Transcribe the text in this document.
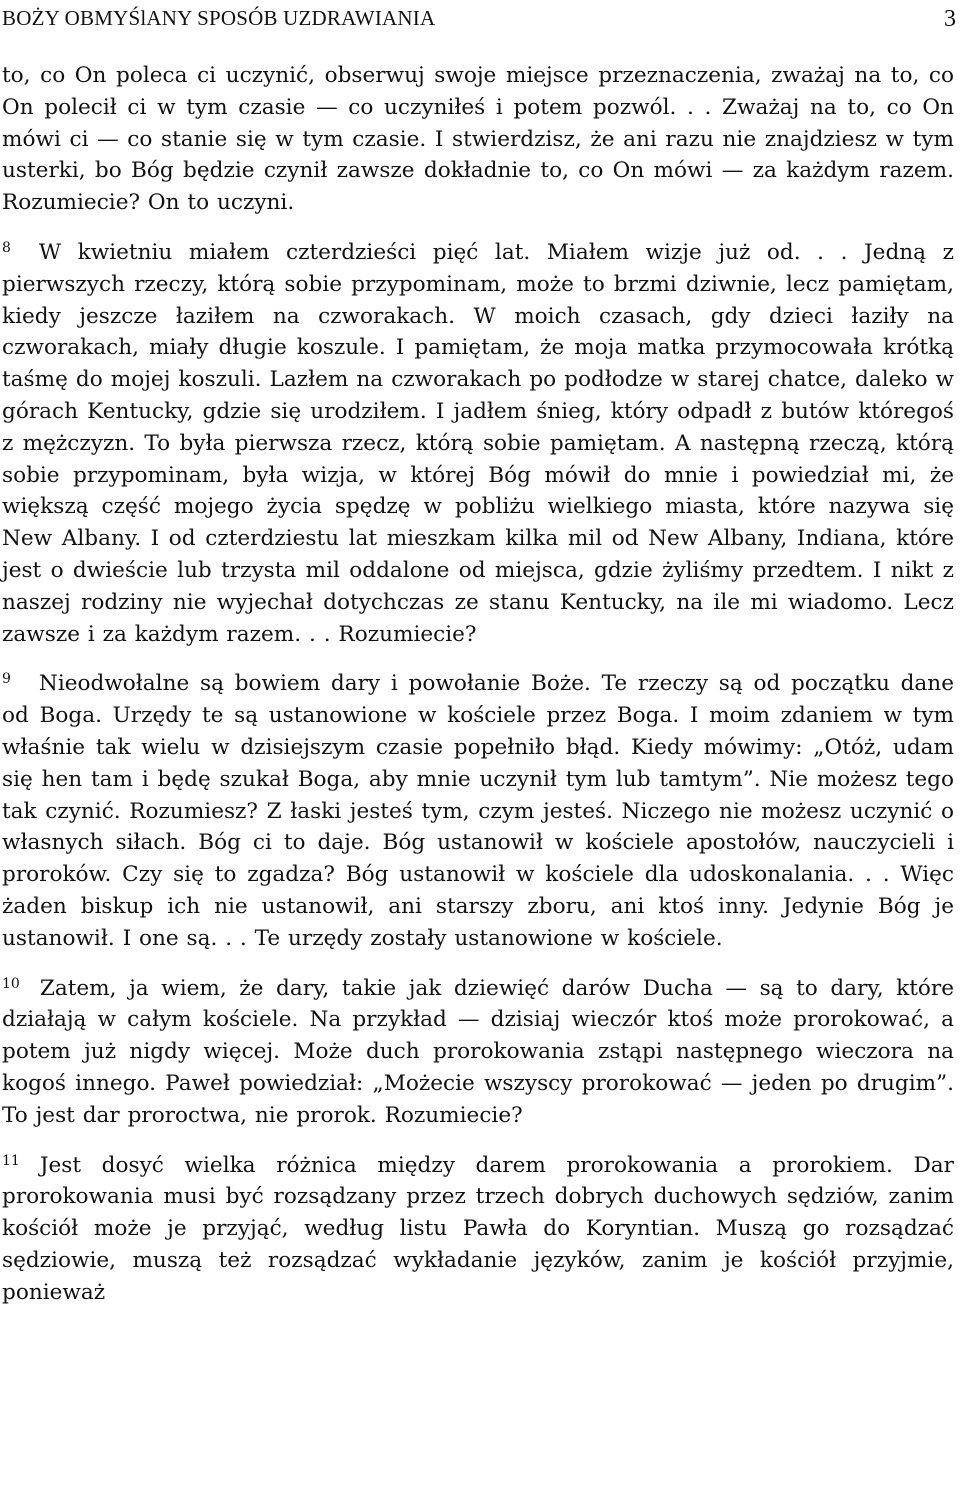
BOŻY OBMYŚlANY SPOSÓB UZDRAWIANIA	3

to, co On poleca ci uczynić, obserwuj swoje miejsce przeznaczenia, zważaj na to, co On polecił ci w tym czasie — co uczyniłeś i potem pozwól. . . Zważaj na to, co On mówi ci — co stanie się w tym czasie. I stwierdzisz, że ani razu nie znajdziesz w tym usterki, bo Bóg będzie czynił zawsze dokładnie to, co On mówi — za każdym razem. Rozumiecie? On to uczyni.

$^8$ W kwietniu miałem czterdzieści pięć lat. Miałem wizje już od. . . Jedną z pierwszych rzeczy, którą sobie przypominam, może to brzmi dziwnie, lecz pamiętam, kiedy jeszcze łaziłem na czworakach. W moich czasach, gdy dzieci łaziły na czworakach, miały długie koszule. I pamiętam, że moja matka przymocowała krótką taśmę do mojej koszuli. Lazłem na czworakach po podłodze w starej chatce, daleko w górach Kentucky, gdzie się urodziłem. I jadłem śnieg, który odpadł z butów któregoś z mężczyzn. To była pierwsza rzecz, którą sobie pamiętam. A następną rzeczą, którą sobie przypominam, była wizja, w której Bóg mówił do mnie i powiedział mi, że większą część mojego życia spędzę w pobliżu wielkiego miasta, które nazywa się New Albany. I od czterdziestu lat mieszkam kilka mil od New Albany, Indiana, które jest o dwieście lub trzysta mil oddalone od miejsca, gdzie żyliśmy przedtem. I nikt z naszej rodziny nie wyjechał dotychczas ze stanu Kentucky, na ile mi wiadomo. Lecz zawsze i za każdym razem. . . Rozumiecie?

$^9$ Nieodwołalne są bowiem dary i powołanie Boże. Te rzeczy są od początku dane od Boga. Urzędy te są ustanowione w kościele przez Boga. I moim zdaniem w tym właśnie tak wielu w dzisiejszym czasie popełniło błąd. Kiedy mówimy: „Otóż, udam się hen tam i będę szukał Boga, aby mnie uczynił tym lub tamtym”. Nie możesz tego tak czynić. Rozumiesz? Z łaski jesteś tym, czym jesteś. Niczego nie możesz uczynić o własnych siłach. Bóg ci to daje. Bóg ustanowił w kościele apostołów, nauczycieli i proroków. Czy się to zgadza? Bóg ustanowił w kościele dla udoskonalania. . . Więc żaden biskup ich nie ustanowił, ani starszy zboru, ani ktoś inny. Jedynie Bóg je ustanowił. I one są. . . Te urzędy zostały ustanowione w kościele.

$^{10}$ Zatem, ja wiem, że dary, takie jak dziewięć darów Ducha — są to dary, które działają w całym kościele. Na przykład — dzisiaj wieczór ktoś może prorokować, a potem już nigdy więcej. Może duch prorokowania zstąpi następnego wieczora na kogoś innego. Paweł powiedział: „Możecie wszyscy prorokować — jeden po drugim”. To jest dar proroctwa, nie prorok. Rozumiecie?

$^{11}$ Jest dosyć wielka różnica między darem prorokowania a prorokiem. Dar prorokowania musi być rozsądzany przez trzech dobrych duchowych sędziów, zanim kościół może je przyjąć, według listu Pawła do Koryntian. Muszą go rozsądzać sędziowie, muszą też rozsądzać wykładanie języków, zanim je kościół przyjmie, ponieważ
